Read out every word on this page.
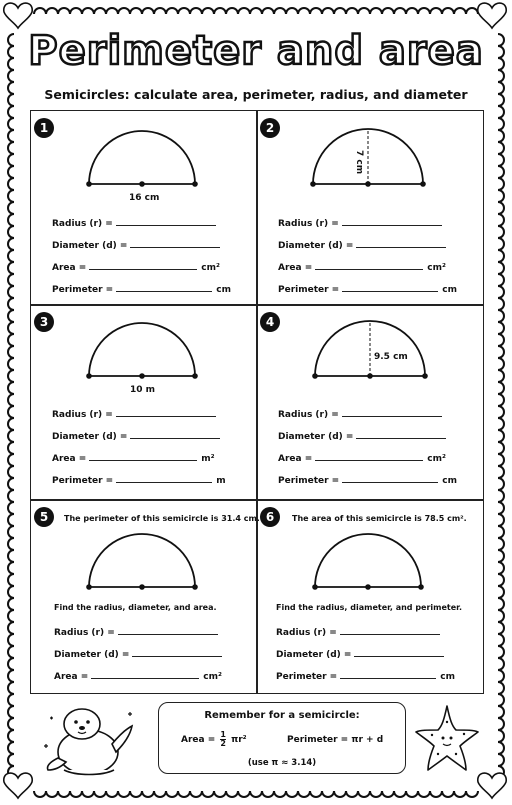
Perimeter and area
Semicircles: calculate area, perimeter, radius, and diameter
1
16 cm
Radius (r) =
Diameter (d) =
Area =	cm²
Perimeter =	cm
2
7 cm
Radius (r) =
Diameter (d) =
Area =	cm²
Perimeter =	cm
3
10 m
Radius (r) =
Diameter (d) =
Area =	m²
Perimeter =	m
4
9.5 cm
Radius (r) =
Diameter (d) =
Area =	cm²
Perimeter =	cm
5	The perimeter of this semicircle is 31.4 cm.
Find the radius, diameter, and area.
Radius (r) =
Diameter (d) =
Area =	cm²
6	The area of this semicircle is 78.5 cm².
Find the radius, diameter, and perimeter.
Radius (r) =
Diameter (d) =
Perimeter =	cm
Remember for a semicircle:
Area = $\frac{1}{2} \pi r^2$	Perimeter = πr + d
(use π ≈ 3.14)
